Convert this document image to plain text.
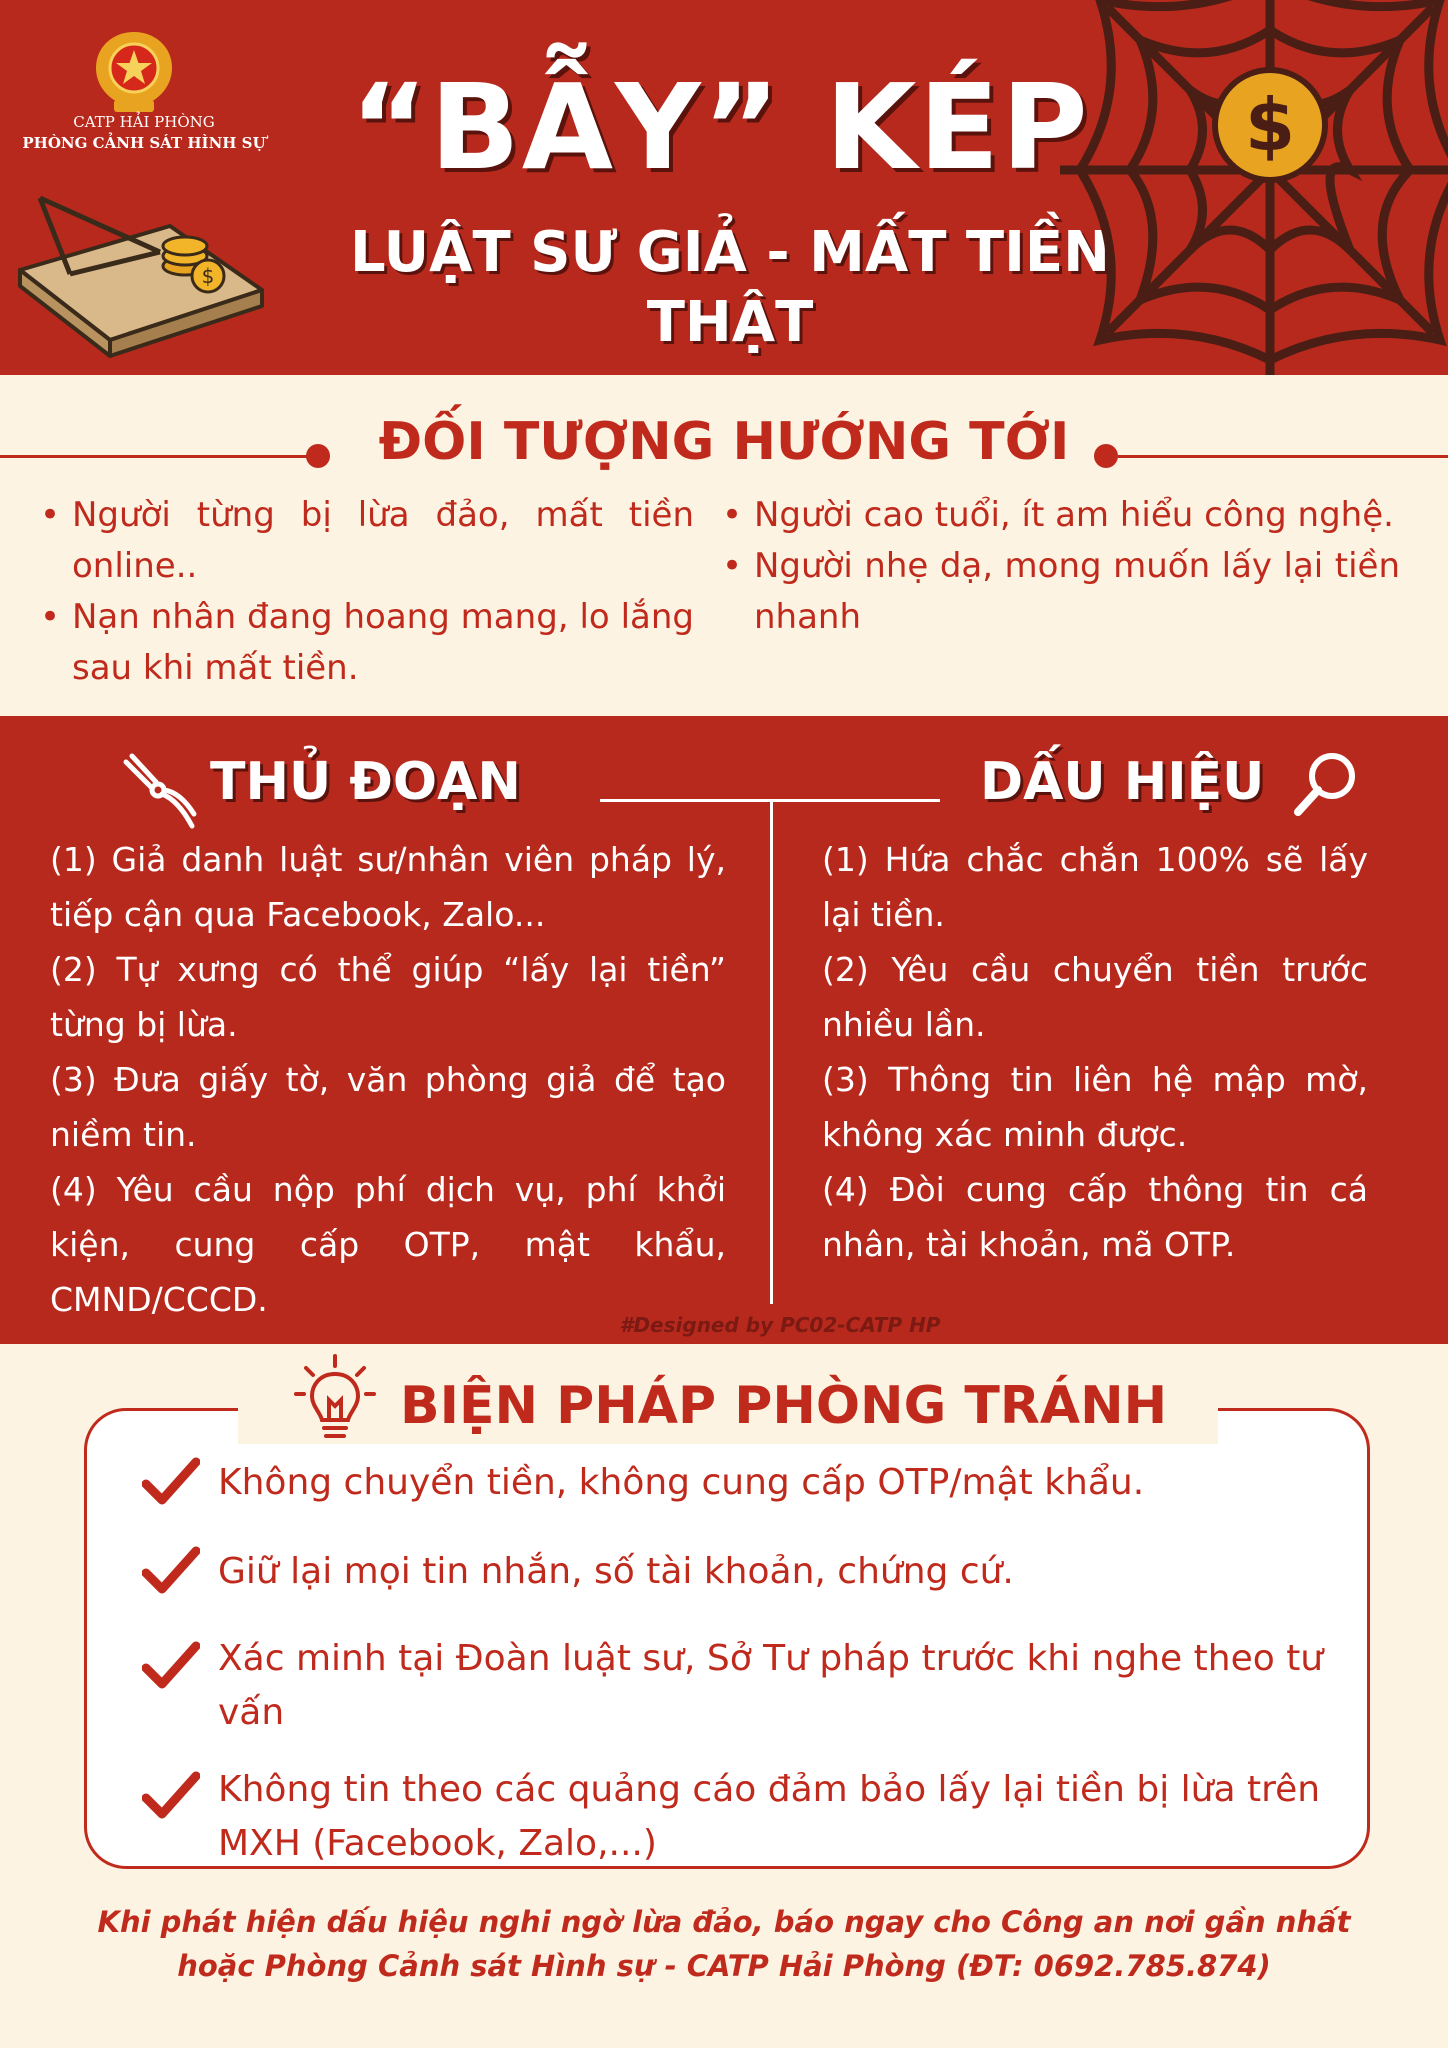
CATP HẢI PHÒNG
PHÒNG CẢNH SÁT HÌNH SỰ
$
“BẪY” KÉP
LUẬT SƯ GIẢ - MẤT TIỀN THẬT
$
ĐỐI TƯỢNG HƯỚNG TỚI
• Người từng bị lừa đảo, mất tiền online..
• Nạn nhân đang hoang mang, lo lắng sau khi mất tiền.
• Người cao tuổi, ít am hiểu công nghệ.
• Người nhẹ dạ, mong muốn lấy lại tiền nhanh
THỦ ĐOẠN	DẤU HIỆU

(1) Giả danh luật sư/nhân viên pháp lý, tiếp cận qua Facebook, Zalo...

(2) Tự xưng có thể giúp “lấy lại tiền” từng bị lừa.

(3) Đưa giấy tờ, văn phòng giả để tạo niềm tin.

(4) Yêu cầu nộp phí dịch vụ, phí khởi kiện, cung cấp OTP, mật khẩu, CMND/CCCD.

(1) Hứa chắc chắn 100% sẽ lấy lại tiền.

(2) Yêu cầu chuyển tiền trước nhiều lần.

(3) Thông tin liên hệ mập mờ, không xác minh được.

(4) Đòi cung cấp thông tin cá nhân, tài khoản, mã OTP.

#Designed by PC02-CATP HP
BIỆN PHÁP PHÒNG TRÁNH
Không chuyển tiền, không cung cấp OTP/mật khẩu.
Giữ lại mọi tin nhắn, số tài khoản, chứng cứ.
Xác minh tại Đoàn luật sư, Sở Tư pháp trước khi nghe theo tư vấn
Không tin theo các quảng cáo đảm bảo lấy lại tiền bị lừa trên MXH (Facebook, Zalo,...)
Khi phát hiện dấu hiệu nghi ngờ lừa đảo, báo ngay cho Công an nơi gần nhất
hoặc Phòng Cảnh sát Hình sự - CATP Hải Phòng (ĐT: 0692.785.874)
